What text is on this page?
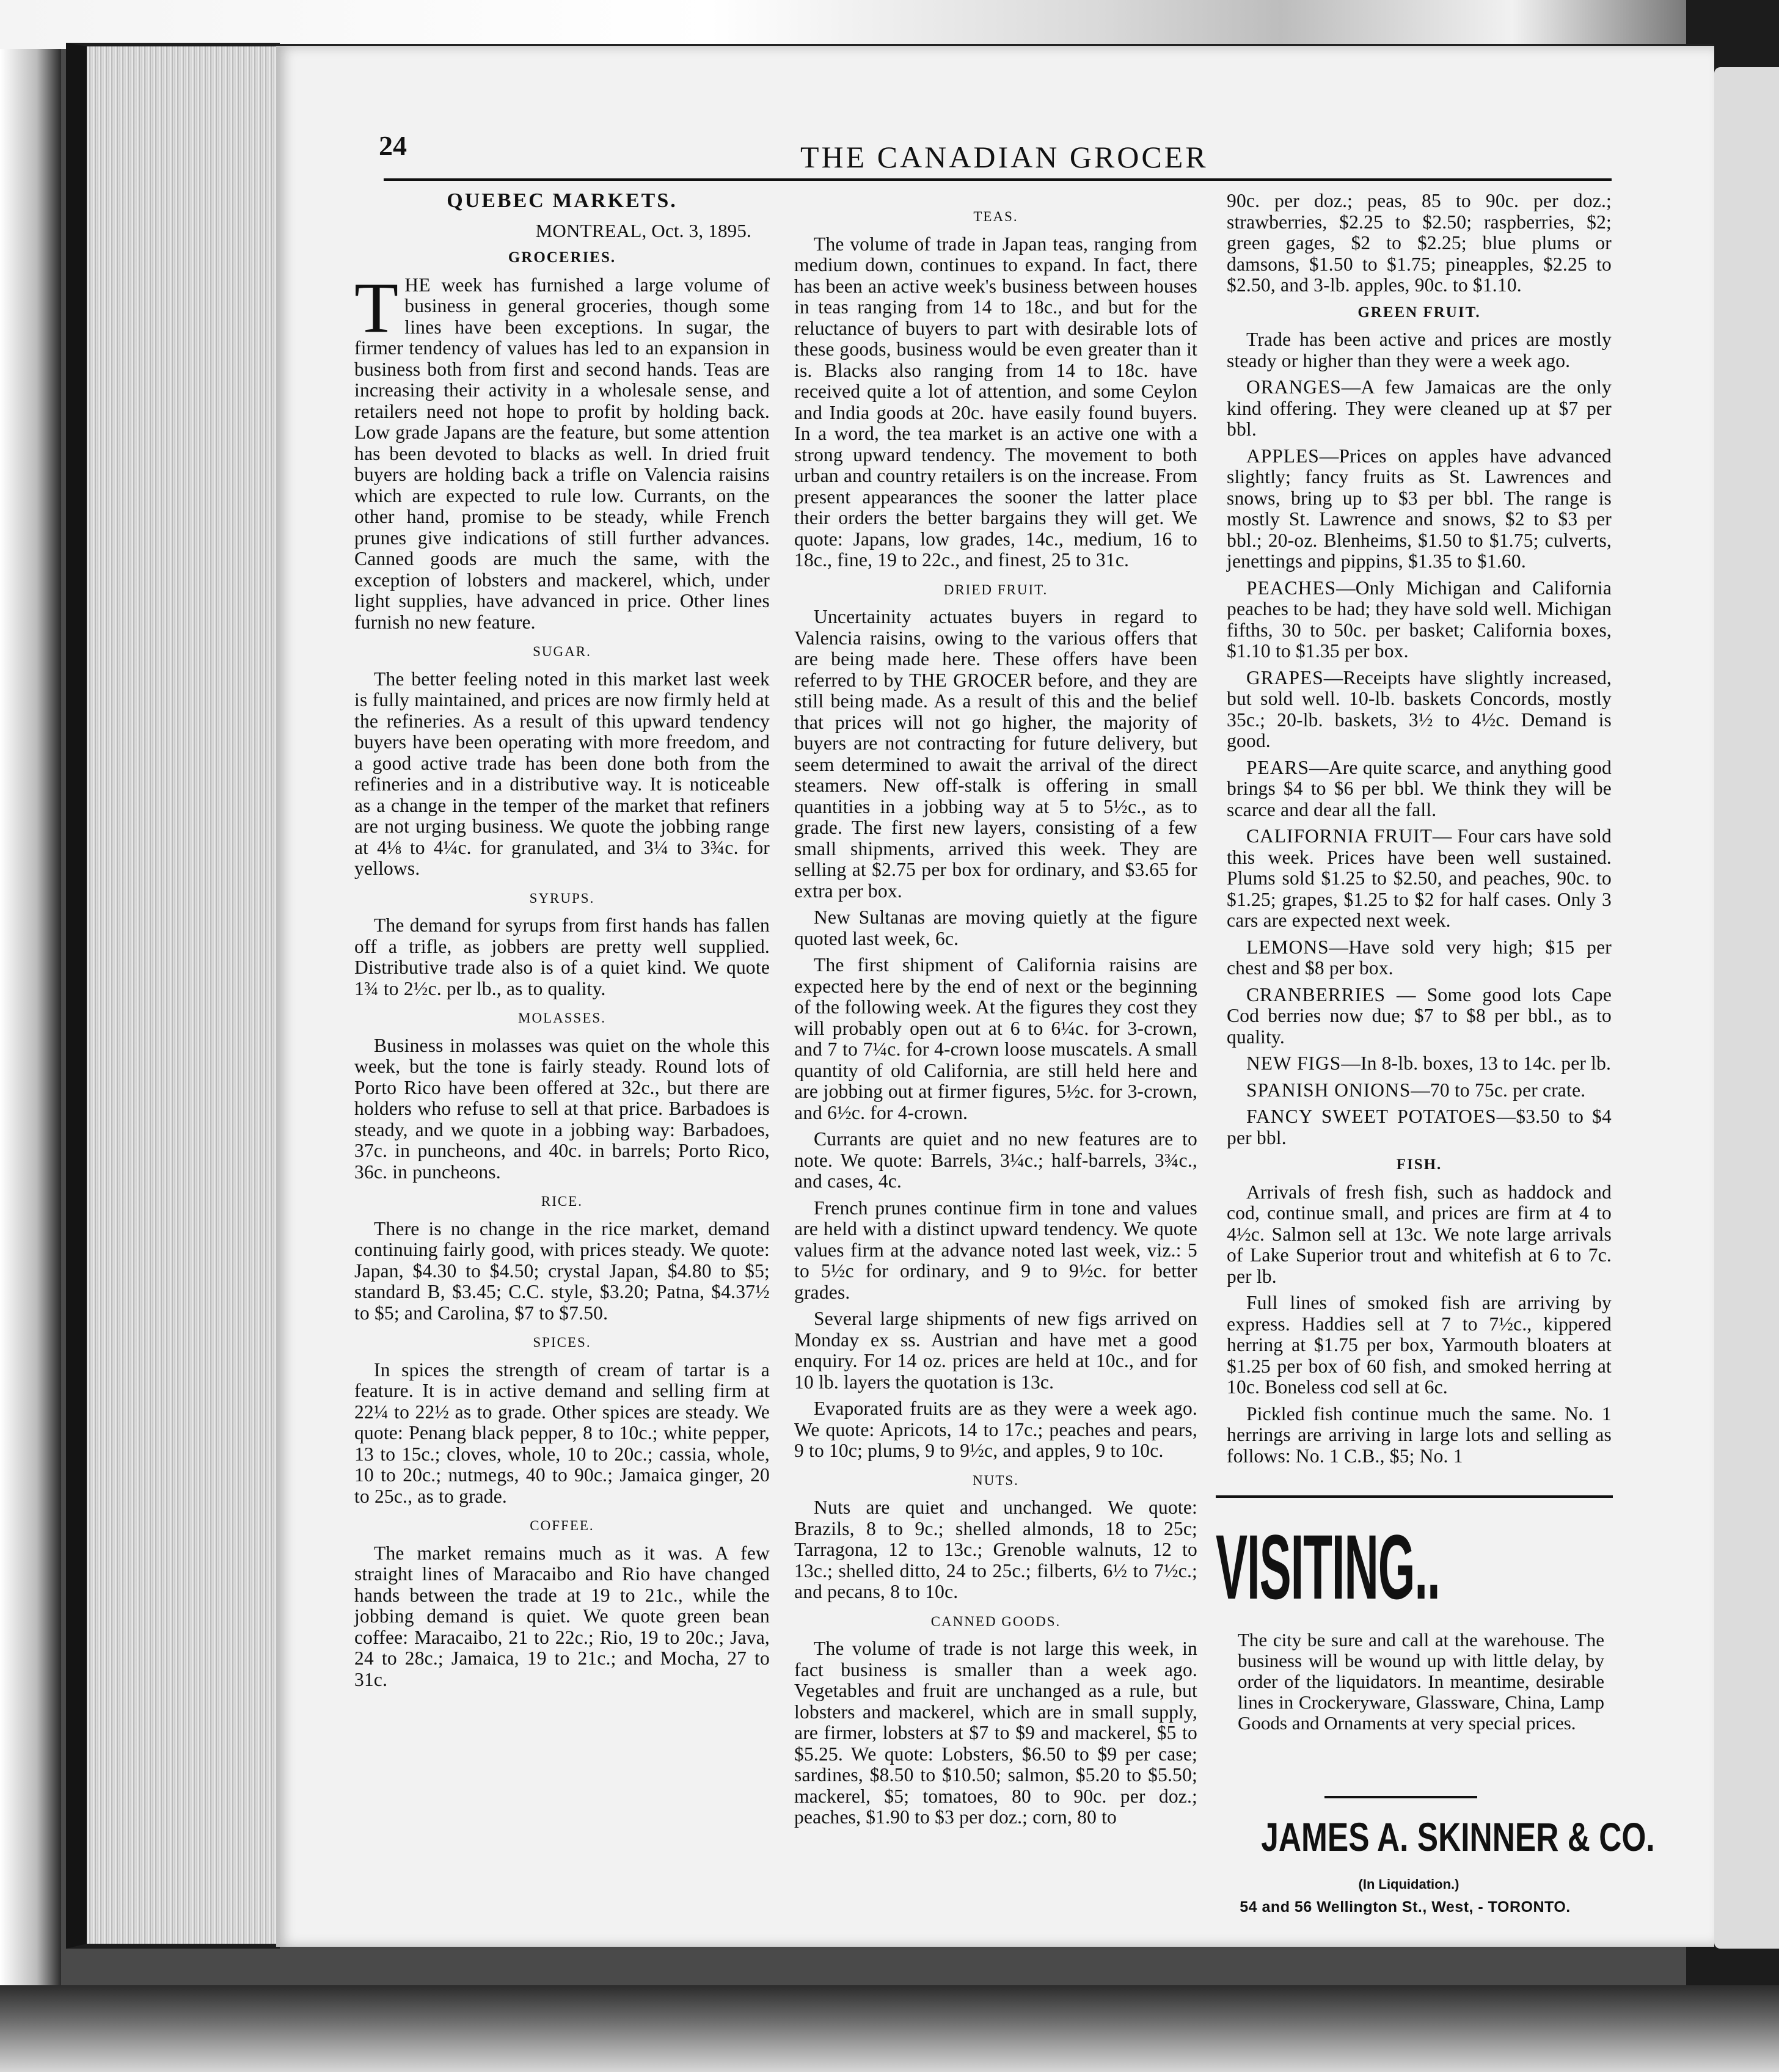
24	THE CANADIAN GROCER
QUEBEC MARKETS.
MONTREAL, Oct. 3, 1895.
GROCERIES.

THE week has furnished a large volume of business in general groceries, though some lines have been exceptions. In sugar, the firmer tendency of values has led to an expansion in business both from first and second hands. Teas are increasing their activity in a wholesale sense, and retailers need not hope to profit by holding back. Low grade Japans are the feature, but some attention has been devoted to blacks as well. In dried fruit buyers are holding back a trifle on Valencia raisins which are expected to rule low. Currants, on the other hand, promise to be steady, while French prunes give indications of still further advances. Canned goods are much the same, with the exception of lobsters and mackerel, which, under light supplies, have advanced in price. Other lines furnish no new feature.

SUGAR.

The better feeling noted in this market last week is fully maintained, and prices are now firmly held at the refineries. As a result of this upward tendency buyers have been operating with more freedom, and a good active trade has been done both from the refineries and in a distributive way. It is noticeable as a change in the temper of the market that refiners are not urging business. We quote the jobbing range at 4⅛ to 4¼c. for granulated, and 3¼ to 3¾c. for yellows.

SYRUPS.

The demand for syrups from first hands has fallen off a trifle, as jobbers are pretty well supplied. Distributive trade also is of a quiet kind. We quote 1¾ to 2½c. per lb., as to quality.

MOLASSES.

Business in molasses was quiet on the whole this week, but the tone is fairly steady. Round lots of Porto Rico have been offered at 32c., but there are holders who refuse to sell at that price. Barbadoes is steady, and we quote in a jobbing way: Barbadoes, 37c. in puncheons, and 40c. in barrels; Porto Rico, 36c. in puncheons.

RICE.

There is no change in the rice market, demand continuing fairly good, with prices steady. We quote: Japan, $4.30 to $4.50; crystal Japan, $4.80 to $5; standard B, $3.45; C.C. style, $3.20; Patna, $4.37½ to $5; and Carolina, $7 to $7.50.

SPICES.

In spices the strength of cream of tartar is a feature. It is in active demand and selling firm at 22¼ to 22½ as to grade. Other spices are steady. We quote: Penang black pepper, 8 to 10c.; white pepper, 13 to 15c.; cloves, whole, 10 to 20c.; cassia, whole, 10 to 20c.; nutmegs, 40 to 90c.; Jamaica ginger, 20 to 25c., as to grade.

COFFEE.

The market remains much as it was. A few straight lines of Maracaibo and Rio have changed hands between the trade at 19 to 21c., while the jobbing demand is quiet. We quote green bean coffee: Maracaibo, 21 to 22c.; Rio, 19 to 20c.; Java, 24 to 28c.; Jamaica, 19 to 21c.; and Mocha, 27 to 31c.

TEAS.

The volume of trade in Japan teas, ranging from medium down, continues to expand. In fact, there has been an active week's business between houses in teas ranging from 14 to 18c., and but for the reluctance of buyers to part with desirable lots of these goods, business would be even greater than it is. Blacks also ranging from 14 to 18c. have received quite a lot of attention, and some Ceylon and India goods at 20c. have easily found buyers. In a word, the tea market is an active one with a strong upward tendency. The movement to both urban and country retailers is on the increase. From present appearances the sooner the latter place their orders the better bargains they will get. We quote: Japans, low grades, 14c., medium, 16 to 18c., fine, 19 to 22c., and finest, 25 to 31c.

DRIED FRUIT.

Uncertainity actuates buyers in regard to Valencia raisins, owing to the various offers that are being made here. These offers have been referred to by THE GROCER before, and they are still being made. As a result of this and the belief that prices will not go higher, the majority of buyers are not contracting for future delivery, but seem determined to await the arrival of the direct steamers. New off-stalk is offering in small quantities in a jobbing way at 5 to 5½c., as to grade. The first new layers, consisting of a few small shipments, arrived this week. They are selling at $2.75 per box for ordinary, and $3.65 for extra per box.

New Sultanas are moving quietly at the figure quoted last week, 6c.

The first shipment of California raisins are expected here by the end of next or the beginning of the following week. At the figures they cost they will probably open out at 6 to 6¼c. for 3-crown, and 7 to 7¼c. for 4-crown loose muscatels. A small quantity of old California, are still held here and are jobbing out at firmer figures, 5½c. for 3-crown, and 6½c. for 4-crown.

Currants are quiet and no new features are to note. We quote: Barrels, 3¼c.; half-barrels, 3¾c., and cases, 4c.

French prunes continue firm in tone and values are held with a distinct upward tendency. We quote values firm at the advance noted last week, viz.: 5 to 5½c for ordinary, and 9 to 9½c. for better grades.

Several large shipments of new figs arrived on Monday ex ss. Austrian and have met a good enquiry. For 14 oz. prices are held at 10c., and for 10 lb. layers the quotation is 13c.

Evaporated fruits are as they were a week ago. We quote: Apricots, 14 to 17c.; peaches and pears, 9 to 10c; plums, 9 to 9½c, and apples, 9 to 10c.

NUTS.

Nuts are quiet and unchanged. We quote: Brazils, 8 to 9c.; shelled almonds, 18 to 25c; Tarragona, 12 to 13c.; Grenoble walnuts, 12 to 13c.; shelled ditto, 24 to 25c.; filberts, 6½ to 7½c.; and pecans, 8 to 10c.

CANNED GOODS.

The volume of trade is not large this week, in fact business is smaller than a week ago. Vegetables and fruit are unchanged as a rule, but lobsters and mackerel, which are in small supply, are firmer, lobsters at $7 to $9 and mackerel, $5 to $5.25. We quote: Lobsters, $6.50 to $9 per case; sardines, $8.50 to $10.50; salmon, $5.20 to $5.50; mackerel, $5; tomatoes, 80 to 90c. per doz.; peaches, $1.90 to $3 per doz.; corn, 80 to

90c. per doz.; peas, 85 to 90c. per doz.; strawberries, $2.25 to $2.50; raspberries, $2; green gages, $2 to $2.25; blue plums or damsons, $1.50 to $1.75; pineapples, $2.25 to $2.50, and 3-lb. apples, 90c. to $1.10.

GREEN FRUIT.

Trade has been active and prices are mostly steady or higher than they were a week ago.

ORANGES—A few Jamaicas are the only kind offering. They were cleaned up at $7 per bbl.

APPLES—Prices on apples have advanced slightly; fancy fruits as St. Lawrences and snows, bring up to $3 per bbl. The range is mostly St. Lawrence and snows, $2 to $3 per bbl.; 20-oz. Blenheims, $1.50 to $1.75; culverts, jenettings and pippins, $1.35 to $1.60.

PEACHES—Only Michigan and California peaches to be had; they have sold well. Michigan fifths, 30 to 50c. per basket; California boxes, $1.10 to $1.35 per box.

GRAPES—Receipts have slightly increased, but sold well. 10-lb. baskets Concords, mostly 35c.; 20-lb. baskets, 3½ to 4½c. Demand is good.

PEARS—Are quite scarce, and anything good brings $4 to $6 per bbl. We think they will be scarce and dear all the fall.

CALIFORNIA FRUIT— Four cars have sold this week. Prices have been well sustained. Plums sold $1.25 to $2.50, and peaches, 90c. to $1.25; grapes, $1.25 to $2 for half cases. Only 3 cars are expected next week.

LEMONS—Have sold very high; $15 per chest and $8 per box.

CRANBERRIES — Some good lots Cape Cod berries now due; $7 to $8 per bbl., as to quality.

NEW FIGS—In 8-lb. boxes, 13 to 14c. per lb.

SPANISH ONIONS—70 to 75c. per crate.

FANCY SWEET POTATOES—$3.50 to $4 per bbl.

FISH.

Arrivals of fresh fish, such as haddock and cod, continue small, and prices are firm at 4 to 4½c. Salmon sell at 13c. We note large arrivals of Lake Superior trout and whitefish at 6 to 7c. per lb.

Full lines of smoked fish are arriving by express. Haddies sell at 7 to 7½c., kippered herring at $1.75 per box, Yarmouth bloaters at $1.25 per box of 60 fish, and smoked herring at 10c. Boneless cod sell at 6c.

Pickled fish continue much the same. No. 1 herrings are arriving in large lots and selling as follows: No. 1 C.B., $5; No. 1

VISITING..

The city be sure and call at the warehouse. The business will be wound up with little delay, by order of the liquidators. In meantime, desirable lines in Crockeryware, Glassware, China, Lamp Goods and Ornaments at very special prices.

JAMES A. SKINNER & CO.
(In Liquidation.)
54 and 56 Wellington St., West, - TORONTO.
